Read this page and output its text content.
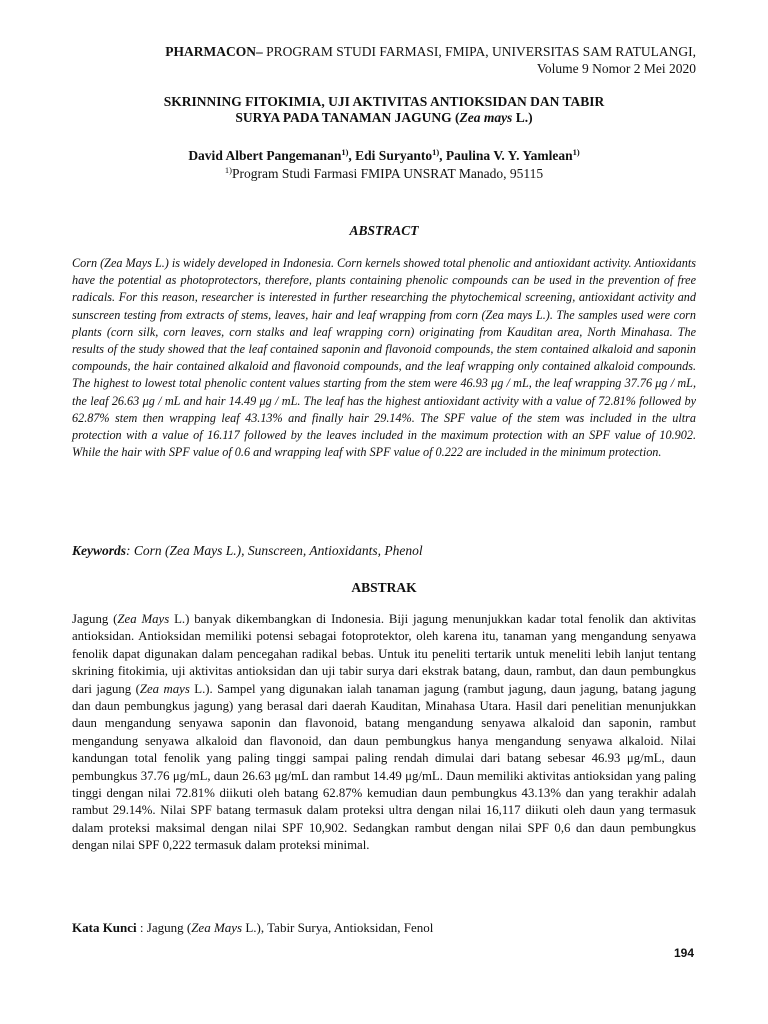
PHARMACON– PROGRAM STUDI FARMASI, FMIPA, UNIVERSITAS SAM RATULANGI,
Volume 9 Nomor 2 Mei 2020
SKRINNING FITOKIMIA, UJI AKTIVITAS ANTIOKSIDAN DAN TABIR
SURYA PADA TANAMAN JAGUNG (Zea mays L.)
David Albert Pangemanan$^{1)}$, Edi Suryanto$^{1)}$, Paulina V. Y. Yamlean$^{1)}$
$^{1)}$Program Studi Farmasi FMIPA UNSRAT Manado, 95115
ABSTRACT
Corn (Zea Mays L.) is widely developed in Indonesia. Corn kernels showed total phenolic and antioxidant activity. Antioxidants have the potential as photoprotectors, therefore, plants containing phenolic compounds can be used in the prevention of free radicals. For this reason, researcher is interested in further researching the phytochemical screening, antioxidant activity and sunscreen testing from extracts of stems, leaves, hair and leaf wrapping from corn (Zea mays L.). The samples used were corn plants (corn silk, corn leaves, corn stalks and leaf wrapping corn) originating from Kauditan area, North Minahasa. The results of the study showed that the leaf contained saponin and flavonoid compounds, the stem contained alkaloid and saponin compounds, the hair contained alkaloid and flavonoid compounds, and the leaf wrapping only contained alkaloid compounds. The highest to lowest total phenolic content values starting from the stem were 46.93 μg / mL, the leaf wrapping 37.76 μg / mL, the leaf 26.63 μg / mL and hair 14.49 μg / mL. The leaf has the highest antioxidant activity with a value of 72.81% followed by 62.87% stem then wrapping leaf 43.13% and finally hair 29.14%. The SPF value of the stem was included in the ultra protection with a value of 16.117 followed by the leaves included in the maximum protection with an SPF value of 10.902. While the hair with SPF value of 0.6 and wrapping leaf with SPF value of 0.222 are included in the minimum protection.
Keywords: Corn (Zea Mays L.), Sunscreen, Antioxidants, Phenol
ABSTRAK
Jagung (Zea Mays L.) banyak dikembangkan di Indonesia. Biji jagung menunjukkan kadar total fenolik dan aktivitas antioksidan. Antioksidan memiliki potensi sebagai fotoprotektor, oleh karena itu, tanaman yang mengandung senyawa fenolik dapat digunakan dalam pencegahan radikal bebas. Untuk itu peneliti tertarik untuk meneliti lebih lanjut tentang skrining fitokimia, uji aktivitas antioksidan dan uji tabir surya dari ekstrak batang, daun, rambut, dan daun pembungkus dari jagung (Zea mays L.). Sampel yang digunakan ialah tanaman jagung (rambut jagung, daun jagung, batang jagung dan daun pembungkus jagung) yang berasal dari daerah Kauditan, Minahasa Utara. Hasil dari penelitian menunjukkan daun mengandung senyawa saponin dan flavonoid, batang mengandung senyawa alkaloid dan saponin, rambut mengandung senyawa alkaloid dan flavonoid, dan daun pembungkus hanya mengandung senyawa alkaloid. Nilai kandungan total fenolik yang paling tinggi sampai paling rendah dimulai dari batang sebesar 46.93 μg/mL, daun pembungkus 37.76 μg/mL, daun 26.63 μg/mL dan rambut 14.49 μg/mL. Daun memiliki aktivitas antioksidan yang paling tinggi dengan nilai 72.81% diikuti oleh batang 62.87% kemudian daun pembungkus 43.13% dan yang terakhir adalah rambut 29.14%. Nilai SPF batang termasuk dalam proteksi ultra dengan nilai 16,117 diikuti oleh daun yang termasuk dalam proteksi maksimal dengan nilai SPF 10,902. Sedangkan rambut dengan nilai SPF 0,6 dan daun pembungkus dengan nilai SPF 0,222 termasuk dalam proteksi minimal.
Kata Kunci : Jagung (Zea Mays L.), Tabir Surya, Antioksidan, Fenol
194
